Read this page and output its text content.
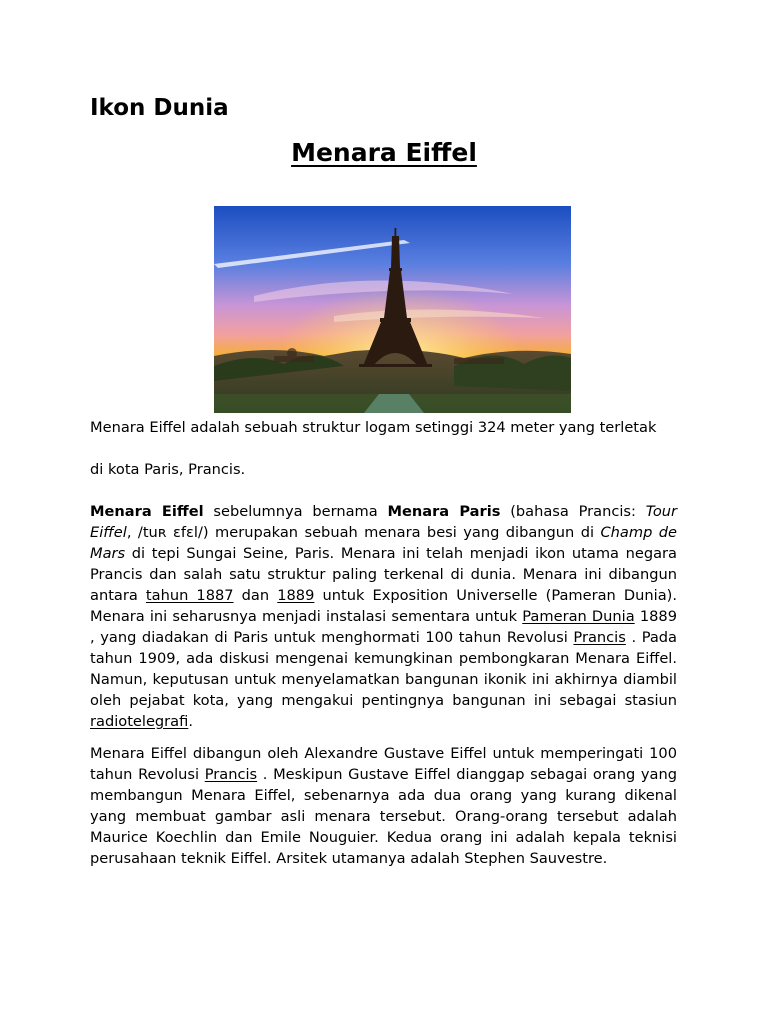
Ikon Dunia
Menara Eiffel

Menara Eiffel adalah sebuah struktur logam setinggi 324 meter yang terletak

di kota Paris, Prancis.

Menara Eiffel sebelumnya bernama Menara Paris (bahasa Prancis: Tour Eiffel, /tuʀ ɛfɛl/) merupakan sebuah menara besi yang dibangun di Champ de Mars di tepi Sungai Seine, Paris. Menara ini telah menjadi ikon utama negara Prancis dan salah satu struktur paling terkenal di dunia. Menara ini dibangun antara tahun 1887 dan 1889 untuk Exposition Universelle (Pameran Dunia). Menara ini seharusnya menjadi instalasi sementara untuk Pameran Dunia 1889 , yang diadakan di Paris untuk menghormati 100 tahun Revolusi Prancis . Pada tahun 1909, ada diskusi mengenai kemungkinan pembongkaran Menara Eiffel. Namun, keputusan untuk menyelamatkan bangunan ikonik ini akhirnya diambil oleh pejabat kota, yang mengakui pentingnya bangunan ini sebagai stasiun radiotelegrafi.

Menara Eiffel dibangun oleh Alexandre Gustave Eiffel untuk memperingati 100 tahun Revolusi Prancis . Meskipun Gustave Eiffel dianggap sebagai orang yang membangun Menara Eiffel, sebenarnya ada dua orang yang kurang dikenal yang membuat gambar asli menara tersebut. Orang-orang tersebut adalah Maurice Koechlin dan Emile Nouguier. Kedua orang ini adalah kepala teknisi perusahaan teknik Eiffel. Arsitek utamanya adalah Stephen Sauvestre.
